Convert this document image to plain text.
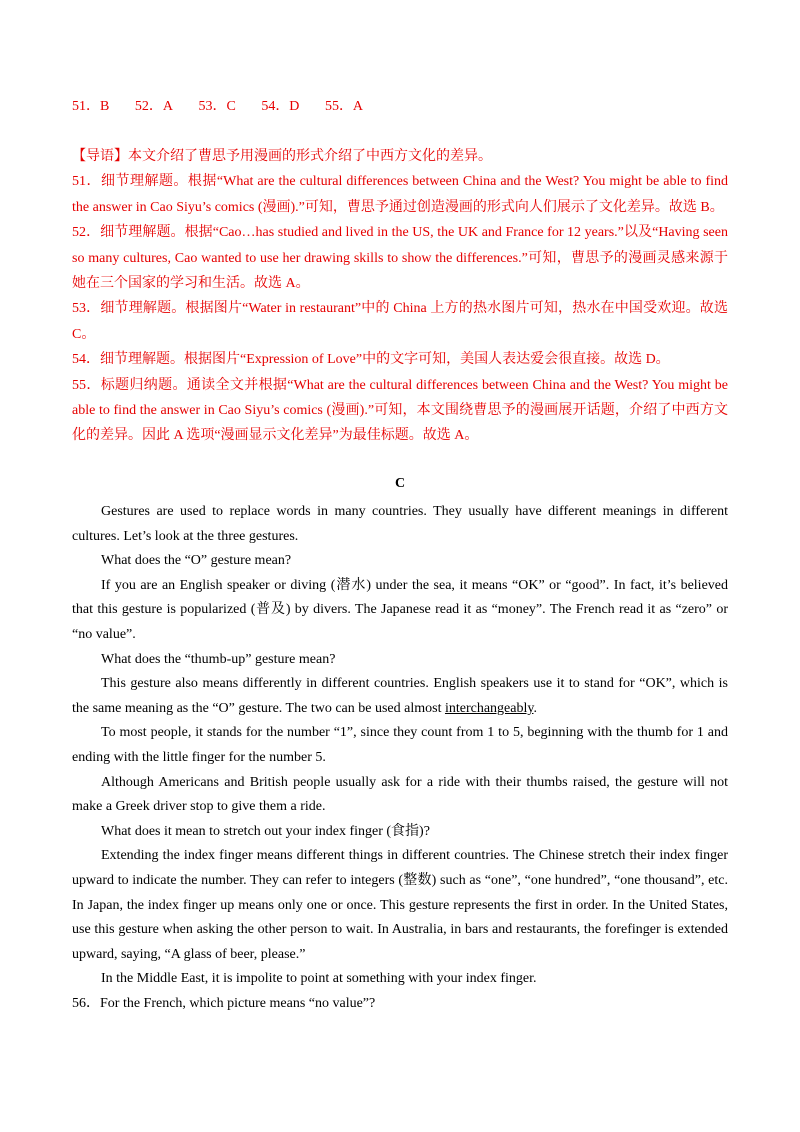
51．B 52．A 53．C 54．D 55．A

【导语】本文介绍了曹思予用漫画的形式介绍了中西方文化的差异。

51．细节理解题。根据“What are the cultural differences between China and the West? You might be able to find the answer in Cao Siyu’s comics (漫画).”可知，曹思予通过创造漫画的形式向人们展示了文化差异。故选 B。

52．细节理解题。根据“Cao…has studied and lived in the US, the UK and France for 12 years.”以及“Having seen so many cultures, Cao wanted to use her drawing skills to show the differences.”可知，曹思予的漫画灵感来源于她在三个国家的学习和生活。故选 A。

53．细节理解题。根据图片“Water in restaurant”中的 China 上方的热水图片可知，热水在中国受欢迎。故选 C。

54．细节理解题。根据图片“Expression of Love”中的文字可知，美国人表达爱会很直接。故选 D。

55．标题归纳题。通读全文并根据“What are the cultural differences between China and the West? You might be able to find the answer in Cao Siyu’s comics (漫画).”可知，本文围绕曹思予的漫画展开话题，介绍了中西方文化的差异。因此 A 选项“漫画显示文化差异”为最佳标题。故选 A。

C

Gestures are used to replace words in many countries. They usually have different meanings in different cultures. Let’s look at the three gestures.

What does the “O” gesture mean?

If you are an English speaker or diving (潜水) under the sea, it means “OK” or “good”. In fact, it’s believed that this gesture is popularized (普及) by divers. The Japanese read it as “money”. The French read it as “zero” or “no value”.

What does the “thumb-up” gesture mean?

This gesture also means differently in different countries. English speakers use it to stand for “OK”, which is the same meaning as the “O” gesture. The two can be used almost interchangeably.

To most people, it stands for the number “1”, since they count from 1 to 5, beginning with the thumb for 1 and ending with the little finger for the number 5.

Although Americans and British people usually ask for a ride with their thumbs raised, the gesture will not make a Greek driver stop to give them a ride.

What does it mean to stretch out your index finger (食指)?

Extending the index finger means different things in different countries. The Chinese stretch their index finger upward to indicate the number. They can refer to integers (整数) such as “one”, “one hundred”, “one thousand”, etc. In Japan, the index finger up means only one or once. This gesture represents the first in order. In the United States, use this gesture when asking the other person to wait. In Australia, in bars and restaurants, the forefinger is extended upward, saying, “A glass of beer, please.”

In the Middle East, it is impolite to point at something with your index finger.

56．For the French, which picture means “no value”?
